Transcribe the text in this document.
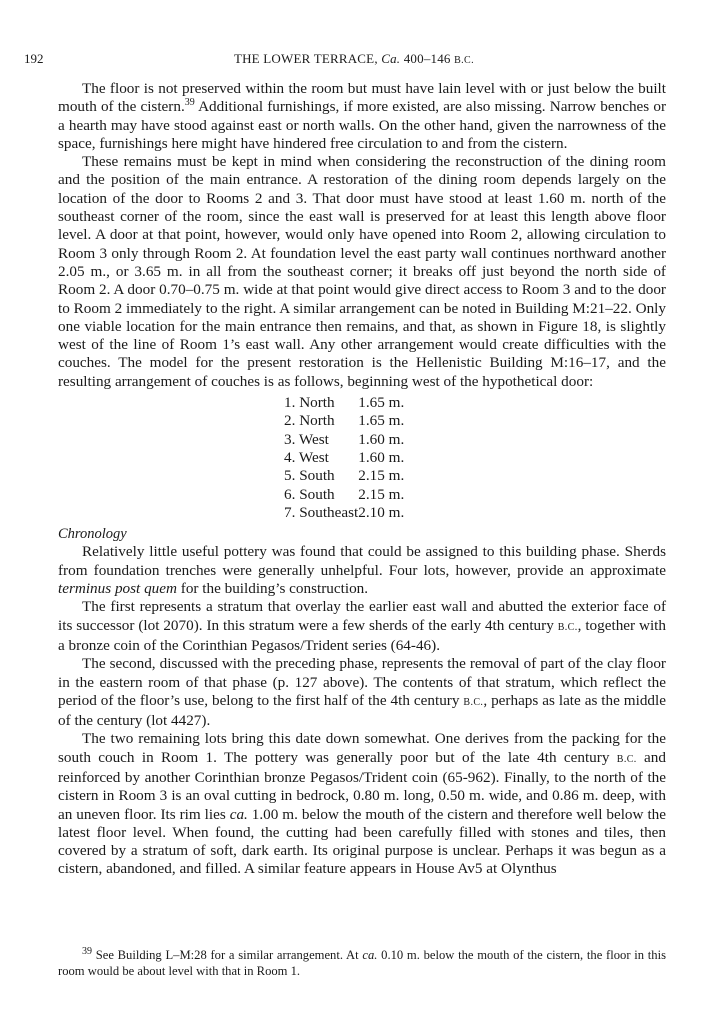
192	THE LOWER TERRACE, Ca. 400–146 B.C.

The floor is not preserved within the room but must have lain level with or just below the built mouth of the cistern.$^{39}$ Additional furnishings, if more existed, are also missing. Narrow benches or a hearth may have stood against east or north walls. On the other hand, given the narrowness of the space, furnishings here might have hindered free circulation to and from the cistern.

These remains must be kept in mind when considering the reconstruction of the dining room and the position of the main entrance. A restoration of the dining room depends largely on the location of the door to Rooms 2 and 3. That door must have stood at least 1.60 m. north of the southeast corner of the room, since the east wall is preserved for at least this length above floor level. A door at that point, however, would only have opened into Room 2, allowing circulation to Room 3 only through Room 2. At foundation level the east party wall continues northward another 2.05 m., or 3.65 m. in all from the southeast corner; it breaks off just beyond the north side of Room 2. A door 0.70–0.75 m. wide at that point would give direct access to Room 3 and to the door to Room 2 immediately to the right. A similar arrangement can be noted in Building M:21–22. Only one viable location for the main entrance then remains, and that, as shown in Figure 18, is slightly west of the line of Room 1’s east wall. Any other arrangement would create difficulties with the couches. The model for the present restoration is the Hellenistic Building M:16–17, and the resulting arrangement of couches is as follows, beginning west of the hypothetical door:

1. North	1.65 m.
2. North	1.65 m.
3. West	1.60 m.
4. West	1.60 m.
5. South	2.15 m.
6. South	2.15 m.
7. Southeast	2.10 m.

Chronology

Relatively little useful pottery was found that could be assigned to this building phase. Sherds from foundation trenches were generally unhelpful. Four lots, however, provide an approximate terminus post quem for the building’s construction.

The first represents a stratum that overlay the earlier east wall and abutted the exterior face of its successor (lot 2070). In this stratum were a few sherds of the early 4th century B.C., together with a bronze coin of the Corinthian Pegasos/Trident series (64-46).

The second, discussed with the preceding phase, represents the removal of part of the clay floor in the eastern room of that phase (p. 127 above). The contents of that stratum, which reflect the period of the floor’s use, belong to the first half of the 4th century B.C., perhaps as late as the middle of the century (lot 4427).

The two remaining lots bring this date down somewhat. One derives from the packing for the south couch in Room 1. The pottery was generally poor but of the late 4th century B.C. and reinforced by another Corinthian bronze Pegasos/Trident coin (65-962). Finally, to the north of the cistern in Room 3 is an oval cutting in bedrock, 0.80 m. long, 0.50 m. wide, and 0.86 m. deep, with an uneven floor. Its rim lies ca. 1.00 m. below the mouth of the cistern and therefore well below the latest floor level. When found, the cutting had been carefully filled with stones and tiles, then covered by a stratum of soft, dark earth. Its original purpose is unclear. Perhaps it was begun as a cistern, abandoned, and filled. A similar feature appears in House Av5 at Olynthus

$^{39}$ See Building L–M:28 for a similar arrangement. At ca. 0.10 m. below the mouth of the cistern, the floor in this room would be about level with that in Room 1.
